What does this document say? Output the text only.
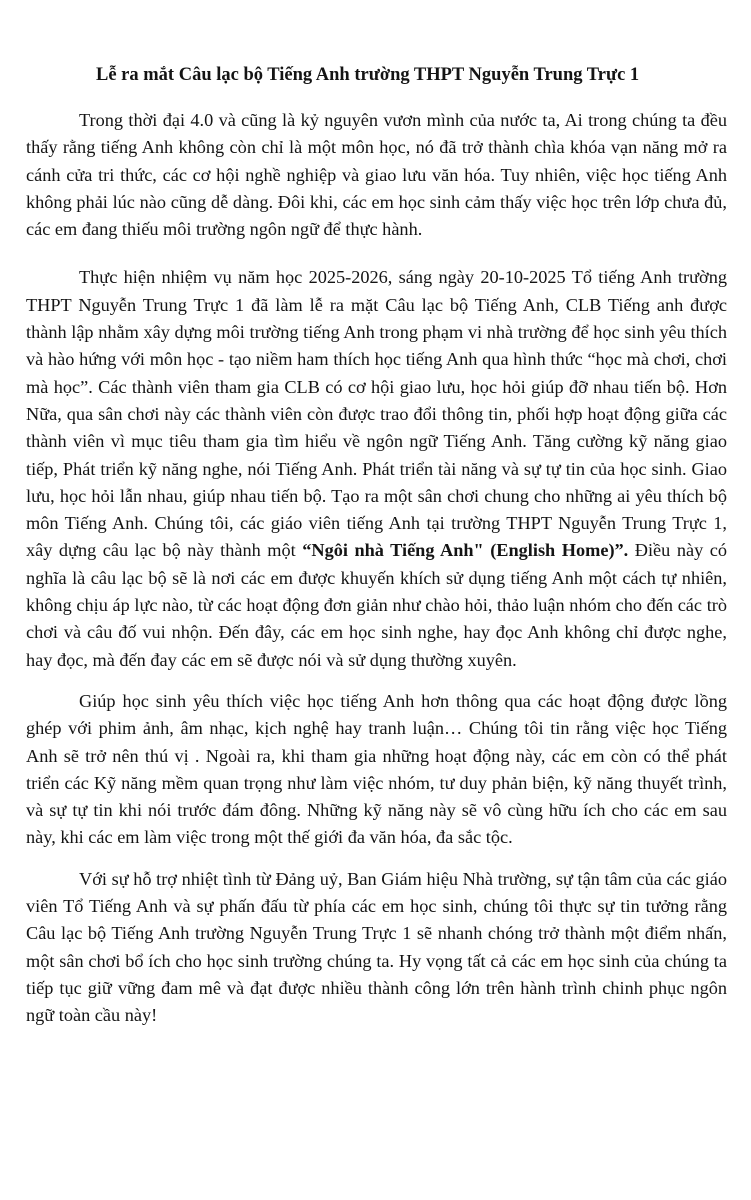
Lễ ra mắt Câu lạc bộ Tiếng Anh trường THPT Nguyễn Trung Trực 1

Trong thời đại 4.0 và cũng là kỷ nguyên vươn mình của nước ta, Ai trong chúng ta đều thấy rằng tiếng Anh không còn chỉ là một môn học, nó đã trở thành chìa khóa vạn năng mở ra cánh cửa tri thức, các cơ hội nghề nghiệp và giao lưu văn hóa. Tuy nhiên, việc học tiếng Anh không phải lúc nào cũng dễ dàng. Đôi khi, các em học sinh cảm thấy việc học trên lớp chưa đủ, các em đang thiếu môi trường ngôn ngữ để thực hành.

Thực hiện nhiệm vụ năm học 2025-2026, sáng ngày 20-10-2025 Tổ tiếng Anh trường THPT Nguyễn Trung Trực 1 đã làm lễ ra mặt Câu lạc bộ Tiếng Anh, CLB Tiếng anh được thành lập nhằm xây dựng môi trường tiếng Anh trong phạm vi nhà trường để học sinh yêu thích và hào hứng với môn học - tạo niềm ham thích học tiếng Anh qua hình thức “học mà chơi, chơi mà học”. Các thành viên tham gia CLB có cơ hội giao lưu, học hỏi giúp đỡ nhau tiến bộ. Hơn Nữa, qua sân chơi này các thành viên còn được trao đổi thông tin, phối hợp hoạt động giữa các thành viên vì mục tiêu tham gia tìm hiểu về ngôn ngữ Tiếng Anh. Tăng cường kỹ năng giao tiếp, Phát triển kỹ năng nghe, nói Tiếng Anh. Phát triển tài năng và sự tự tin của học sinh. Giao lưu, học hỏi lẫn nhau, giúp nhau tiến bộ. Tạo ra một sân chơi chung cho những ai yêu thích bộ môn Tiếng Anh. Chúng tôi, các giáo viên tiếng Anh tại trường THPT Nguyễn Trung Trực 1, xây dựng câu lạc bộ này thành một “Ngôi nhà Tiếng Anh" (English Home)”. Điều này có nghĩa là câu lạc bộ sẽ là nơi các em được khuyến khích sử dụng tiếng Anh một cách tự nhiên, không chịu áp lực nào, từ các hoạt động đơn giản như chào hỏi, thảo luận nhóm cho đến các trò chơi và câu đố vui nhộn. Đến đây, các em học sinh nghe, hay đọc Anh không chỉ được nghe, hay đọc, mà đến đay các em sẽ được nói và sử dụng thường xuyên.

Giúp học sinh yêu thích việc học tiếng Anh hơn thông qua các hoạt động được lồng ghép với phim ảnh, âm nhạc, kịch nghệ hay tranh luận… Chúng tôi tin rằng việc học Tiếng Anh sẽ trở nên thú vị . Ngoài ra, khi tham gia những hoạt động này, các em còn có thể phát triển các Kỹ năng mềm quan trọng như làm việc nhóm, tư duy phản biện, kỹ năng thuyết trình, và sự tự tin khi nói trước đám đông. Những kỹ năng này sẽ vô cùng hữu ích cho các em sau này, khi các em làm việc trong một thế giới đa văn hóa, đa sắc tộc.

Với sự hỗ trợ nhiệt tình từ Đảng uỷ, Ban Giám hiệu Nhà trường, sự tận tâm của các giáo viên Tổ Tiếng Anh và sự phấn đấu từ phía các em học sinh, chúng tôi thực sự tin tưởng rằng Câu lạc bộ Tiếng Anh trường Nguyễn Trung Trực 1 sẽ nhanh chóng trở thành một điểm nhấn, một sân chơi bổ ích cho học sinh trường chúng ta. Hy vọng tất cả các em học sinh của chúng ta tiếp tục giữ vững đam mê và đạt được nhiều thành công lớn trên hành trình chinh phục ngôn ngữ toàn cầu này!
